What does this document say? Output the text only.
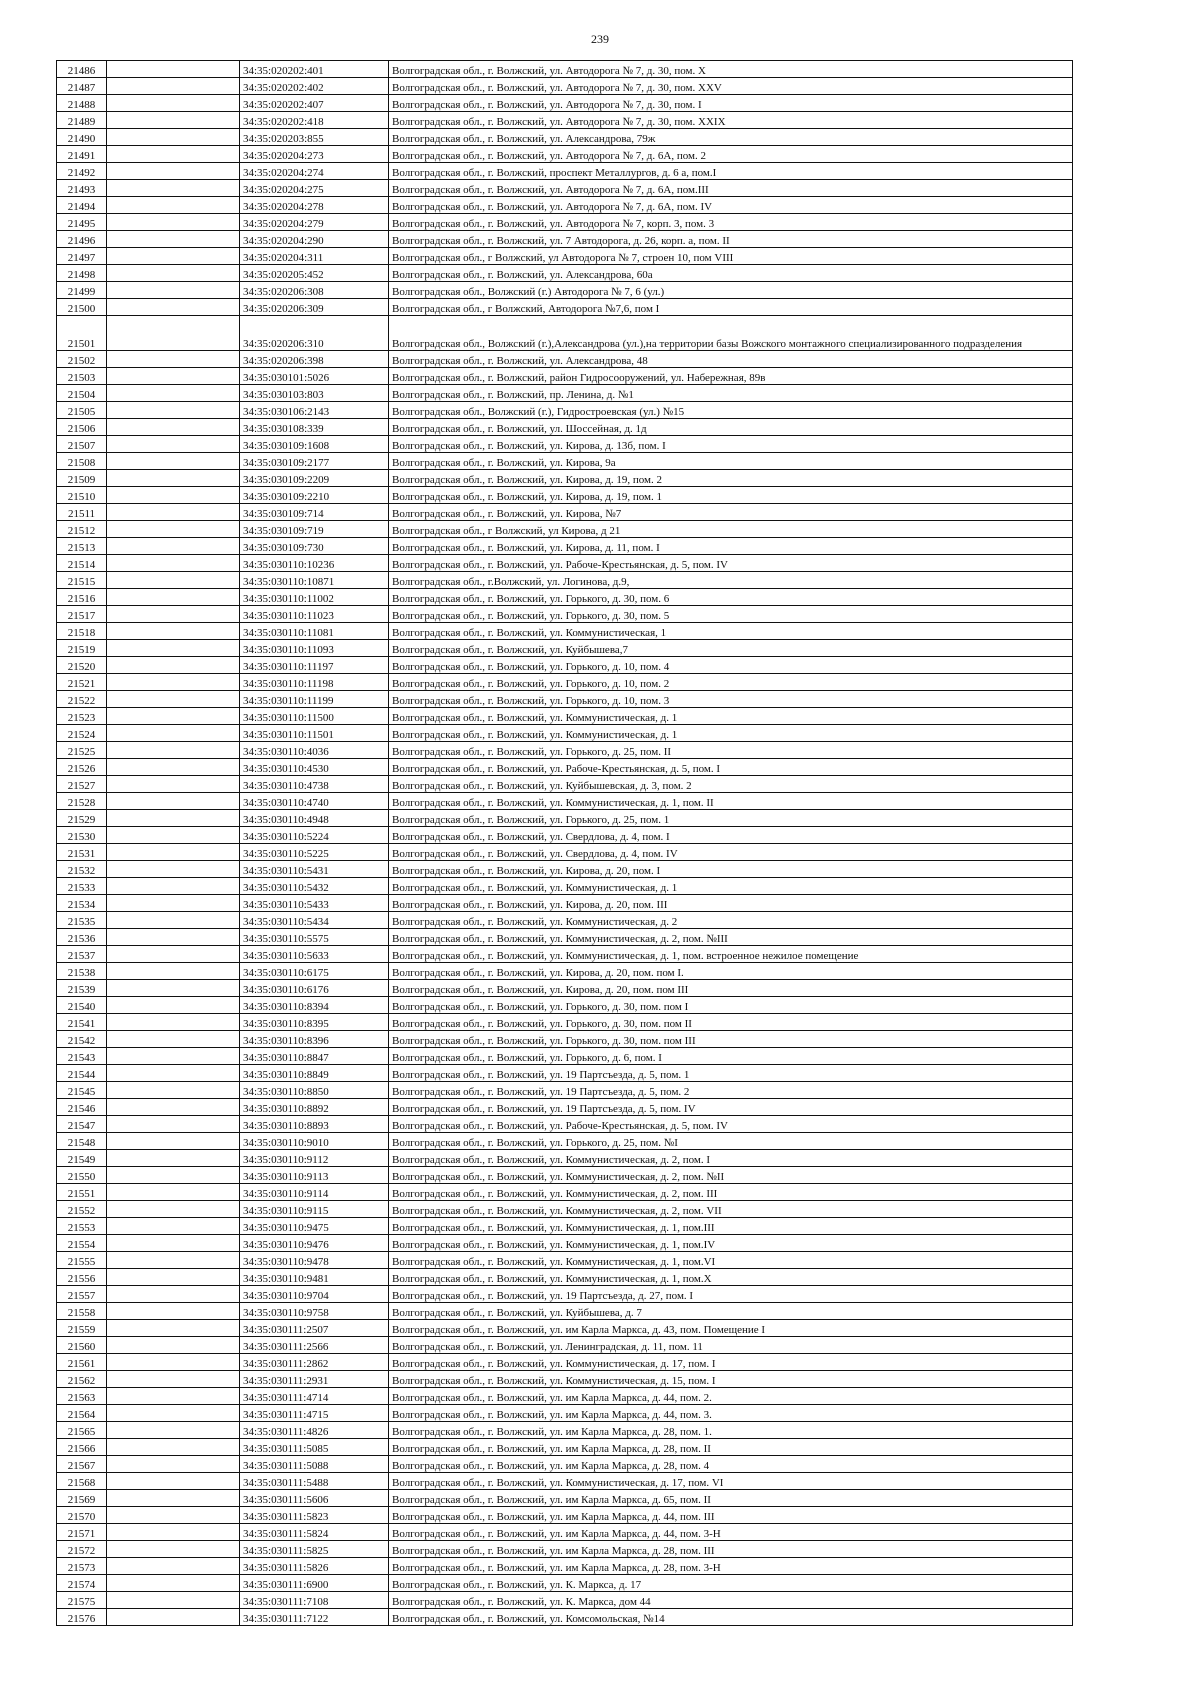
239
21486		34:35:020202:401	Волгоградская обл., г. Волжский, ул. Автодорога № 7, д. 30, пом. X
21487		34:35:020202:402	Волгоградская обл., г. Волжский, ул. Автодорога № 7, д. 30, пом. XXV
21488		34:35:020202:407	Волгоградская обл., г. Волжский, ул. Автодорога № 7, д. 30, пом. I
21489		34:35:020202:418	Волгоградская обл., г. Волжский, ул. Автодорога № 7, д. 30, пом. XXIX
21490		34:35:020203:855	Волгоградская обл., г. Волжский, ул. Александрова, 79ж
21491		34:35:020204:273	Волгоградская обл., г. Волжский, ул. Автодорога № 7, д. 6А, пом. 2
21492		34:35:020204:274	Волгоградская обл., г. Волжский, проспект Металлургов, д. 6 а, пом.I
21493		34:35:020204:275	Волгоградская обл., г. Волжский, ул. Автодорога № 7, д. 6А, пом.III
21494		34:35:020204:278	Волгоградская обл., г. Волжский, ул. Автодорога № 7, д. 6А, пом. IV
21495		34:35:020204:279	Волгоградская обл., г. Волжский, ул. Автодорога № 7, корп. 3, пом. 3
21496		34:35:020204:290	Волгоградская обл., г. Волжский, ул. 7 Автодорога, д. 26, корп. а, пом. II
21497		34:35:020204:311	Волгоградская обл., г Волжский, ул Автодорога № 7, строен 10, пом VIII
21498		34:35:020205:452	Волгоградская обл., г. Волжский, ул. Александрова, 60а
21499		34:35:020206:308	Волгоградская обл., Волжский (г.) Автодорога № 7, 6 (ул.)
21500		34:35:020206:309	Волгоградская обл., г Волжский, Автодорога №7,6, пом I
21501		34:35:020206:310	Волгоградская обл., Волжский (г.),Александрова (ул.),на территории базы Вожского монтажного специализированного подразделения
21502		34:35:020206:398	Волгоградская обл., г. Волжский, ул. Александрова, 48
21503		34:35:030101:5026	Волгоградская обл., г. Волжский, район Гидросооружений, ул. Набережная, 89в
21504		34:35:030103:803	Волгоградская обл., г. Волжский, пр. Ленина, д. №1
21505		34:35:030106:2143	Волгоградская обл., Волжский (г.), Гидростроевская (ул.) №15
21506		34:35:030108:339	Волгоградская обл., г. Волжский, ул. Шоссейная, д. 1д
21507		34:35:030109:1608	Волгоградская обл., г. Волжский, ул. Кирова, д. 13б, пом. I
21508		34:35:030109:2177	Волгоградская обл., г. Волжский, ул. Кирова, 9а
21509		34:35:030109:2209	Волгоградская обл., г. Волжский, ул. Кирова, д. 19, пом. 2
21510		34:35:030109:2210	Волгоградская обл., г. Волжский, ул. Кирова, д. 19, пом. 1
21511		34:35:030109:714	Волгоградская обл., г. Волжский, ул. Кирова, №7
21512		34:35:030109:719	Волгоградская обл., г Волжский, ул Кирова, д 21
21513		34:35:030109:730	Волгоградская обл., г. Волжский, ул. Кирова, д. 11, пом. I
21514		34:35:030110:10236	Волгоградская обл., г. Волжский, ул. Рабоче-Крестьянская, д. 5, пом. IV
21515		34:35:030110:10871	Волгоградская обл., г.Волжский, ул. Логинова, д.9,
21516		34:35:030110:11002	Волгоградская обл., г. Волжский, ул. Горького, д. 30, пом. 6
21517		34:35:030110:11023	Волгоградская обл., г. Волжский, ул. Горького, д. 30, пом. 5
21518		34:35:030110:11081	Волгоградская обл., г. Волжский, ул. Коммунистическая, 1
21519		34:35:030110:11093	Волгоградская обл., г. Волжский, ул. Куйбышева,7
21520		34:35:030110:11197	Волгоградская обл., г. Волжский, ул. Горького, д. 10, пом. 4
21521		34:35:030110:11198	Волгоградская обл., г. Волжский, ул. Горького, д. 10, пом. 2
21522		34:35:030110:11199	Волгоградская обл., г. Волжский, ул. Горького, д. 10, пом. 3
21523		34:35:030110:11500	Волгоградская обл., г. Волжский, ул. Коммунистическая, д. 1
21524		34:35:030110:11501	Волгоградская обл., г. Волжский, ул. Коммунистическая, д. 1
21525		34:35:030110:4036	Волгоградская обл., г. Волжский, ул. Горького, д. 25, пом. II
21526		34:35:030110:4530	Волгоградская обл., г. Волжский, ул. Рабоче-Крестьянская, д. 5, пом. I
21527		34:35:030110:4738	Волгоградская обл., г. Волжский, ул. Куйбышевская, д. 3, пом. 2
21528		34:35:030110:4740	Волгоградская обл., г. Волжский, ул. Коммунистическая, д. 1, пом. II
21529		34:35:030110:4948	Волгоградская обл., г. Волжский, ул. Горького, д. 25, пом. 1
21530		34:35:030110:5224	Волгоградская обл., г. Волжский, ул. Свердлова, д. 4, пом. I
21531		34:35:030110:5225	Волгоградская обл., г. Волжский, ул. Свердлова, д. 4, пом. IV
21532		34:35:030110:5431	Волгоградская обл., г. Волжский, ул. Кирова, д. 20, пом. I
21533		34:35:030110:5432	Волгоградская обл., г. Волжский, ул. Коммунистическая, д. 1
21534		34:35:030110:5433	Волгоградская обл., г. Волжский, ул. Кирова, д. 20, пом. III
21535		34:35:030110:5434	Волгоградская обл., г. Волжский, ул. Коммунистическая, д. 2
21536		34:35:030110:5575	Волгоградская обл., г. Волжский, ул. Коммунистическая, д. 2, пом. №III
21537		34:35:030110:5633	Волгоградская обл., г. Волжский, ул. Коммунистическая, д. 1, пом. встроенное нежилое помещение
21538		34:35:030110:6175	Волгоградская обл., г. Волжский, ул. Кирова, д. 20, пом. пом I.
21539		34:35:030110:6176	Волгоградская обл., г. Волжский, ул. Кирова, д. 20, пом. пом III
21540		34:35:030110:8394	Волгоградская обл., г. Волжский, ул. Горького, д. 30, пом. пом I
21541		34:35:030110:8395	Волгоградская обл., г. Волжский, ул. Горького, д. 30, пом. пом II
21542		34:35:030110:8396	Волгоградская обл., г. Волжский, ул. Горького, д. 30, пом. пом III
21543		34:35:030110:8847	Волгоградская обл., г. Волжский, ул. Горького, д. 6, пом. I
21544		34:35:030110:8849	Волгоградская обл., г. Волжский, ул. 19 Партсъезда, д. 5, пом. 1
21545		34:35:030110:8850	Волгоградская обл., г. Волжский, ул. 19 Партсъезда, д. 5, пом. 2
21546		34:35:030110:8892	Волгоградская обл., г. Волжский, ул. 19 Партсъезда, д. 5, пом. IV
21547		34:35:030110:8893	Волгоградская обл., г. Волжский, ул. Рабоче-Крестьянская, д. 5, пом. IV
21548		34:35:030110:9010	Волгоградская обл., г. Волжский, ул. Горького, д. 25, пом. №I
21549		34:35:030110:9112	Волгоградская обл., г. Волжский, ул. Коммунистическая, д. 2, пом. I
21550		34:35:030110:9113	Волгоградская обл., г. Волжский, ул. Коммунистическая, д. 2, пом. №II
21551		34:35:030110:9114	Волгоградская обл., г. Волжский, ул. Коммунистическая, д. 2, пом. III
21552		34:35:030110:9115	Волгоградская обл., г. Волжский, ул. Коммунистическая, д. 2, пом. VII
21553		34:35:030110:9475	Волгоградская обл., г. Волжский, ул. Коммунистическая, д. 1, пом.III
21554		34:35:030110:9476	Волгоградская обл., г. Волжский, ул. Коммунистическая, д. 1, пом.IV
21555		34:35:030110:9478	Волгоградская обл., г. Волжский, ул. Коммунистическая, д. 1, пом.VI
21556		34:35:030110:9481	Волгоградская обл., г. Волжский, ул. Коммунистическая, д. 1, пом.X
21557		34:35:030110:9704	Волгоградская обл., г. Волжский, ул. 19 Партсъезда, д. 27, пом. I
21558		34:35:030110:9758	Волгоградская обл., г. Волжский, ул. Куйбышева, д. 7
21559		34:35:030111:2507	Волгоградская обл., г. Волжский, ул. им Карла Маркса, д. 43, пом. Помещение I
21560		34:35:030111:2566	Волгоградская обл., г. Волжский, ул. Ленинградская, д. 11, пом. 11
21561		34:35:030111:2862	Волгоградская обл., г. Волжский, ул. Коммунистическая, д. 17, пом. I
21562		34:35:030111:2931	Волгоградская обл., г. Волжский, ул. Коммунистическая, д. 15, пом. I
21563		34:35:030111:4714	Волгоградская обл., г. Волжский, ул. им Карла Маркса, д. 44, пом. 2.
21564		34:35:030111:4715	Волгоградская обл., г. Волжский, ул. им Карла Маркса, д. 44, пом. 3.
21565		34:35:030111:4826	Волгоградская обл., г. Волжский, ул. им Карла Маркса, д. 28, пом. 1.
21566		34:35:030111:5085	Волгоградская обл., г. Волжский, ул. им Карла Маркса, д. 28, пом. II
21567		34:35:030111:5088	Волгоградская обл., г. Волжский, ул. им Карла Маркса, д. 28, пом. 4
21568		34:35:030111:5488	Волгоградская обл., г. Волжский, ул. Коммунистическая, д. 17, пом. VI
21569		34:35:030111:5606	Волгоградская обл., г. Волжский, ул. им Карла Маркса, д. 65, пом. II
21570		34:35:030111:5823	Волгоградская обл., г. Волжский, ул. им Карла Маркса, д. 44, пом. III
21571		34:35:030111:5824	Волгоградская обл., г. Волжский, ул. им Карла Маркса, д. 44, пом. 3-Н
21572		34:35:030111:5825	Волгоградская обл., г. Волжский, ул. им Карла Маркса, д. 28, пом. III
21573		34:35:030111:5826	Волгоградская обл., г. Волжский, ул. им Карла Маркса, д. 28, пом. 3-Н
21574		34:35:030111:6900	Волгоградская обл., г. Волжский, ул. К. Маркса, д. 17
21575		34:35:030111:7108	Волгоградская обл., г. Волжский, ул. К. Маркса, дом 44
21576		34:35:030111:7122	Волгоградская обл., г. Волжский, ул. Комсомольская, №14
